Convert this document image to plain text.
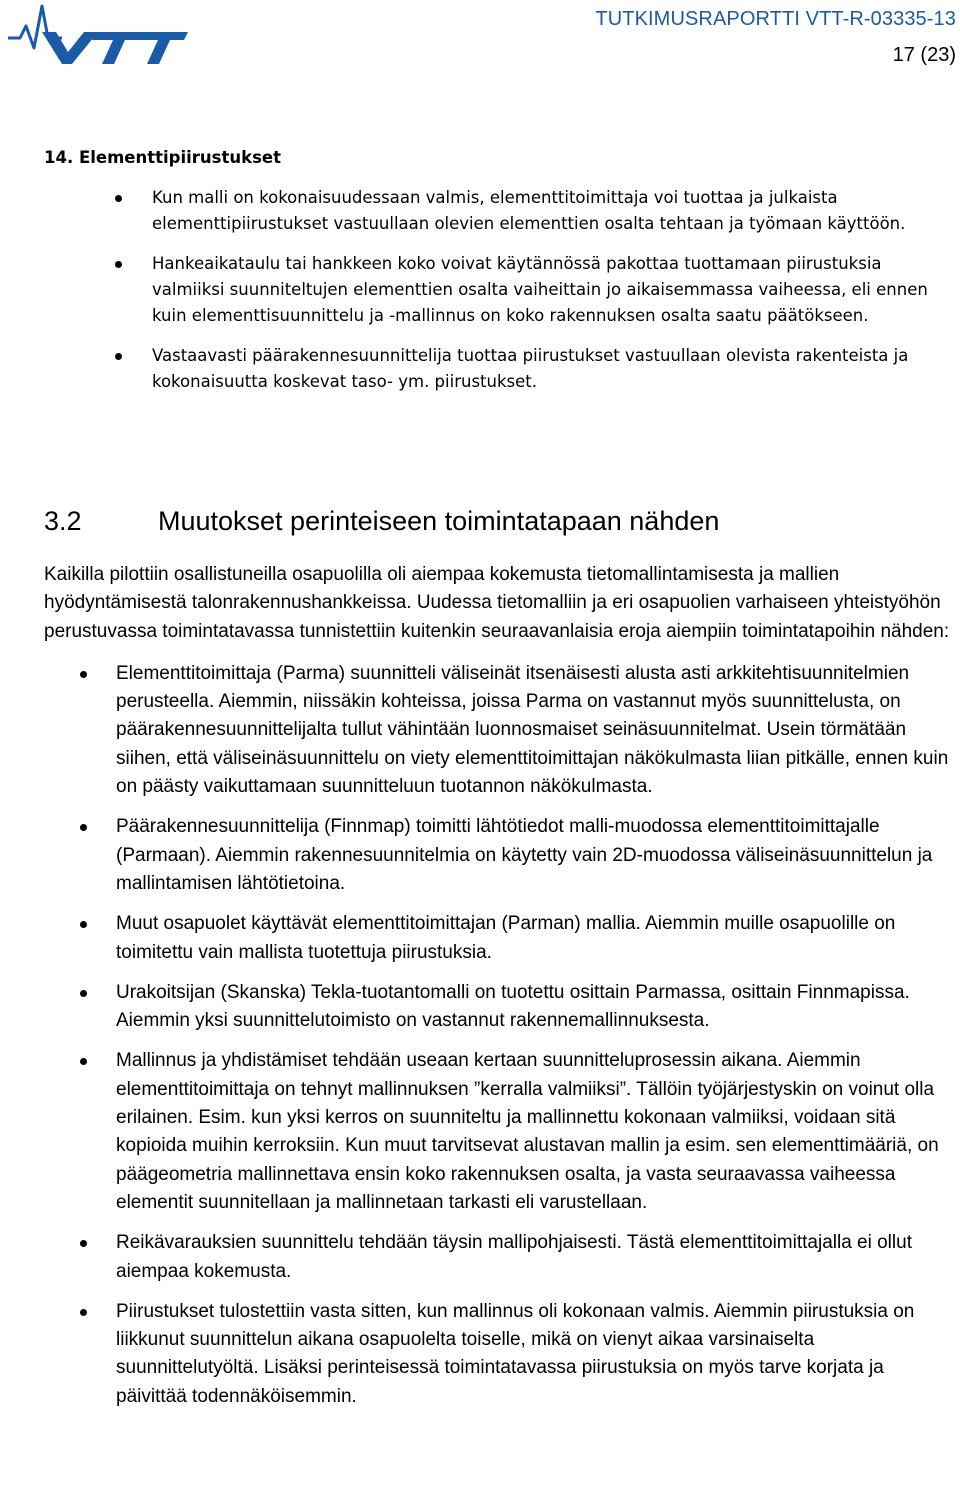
VTT
TUTKIMUSRAPORTTI VTT-R-03335-13
17 (23)
14. Elementtipiirustukset
Kun malli on kokonaisuudessaan valmis, elementtitoimittaja voi tuottaa ja julkaista elementtipiirustukset vastuullaan olevien elementtien osalta tehtaan ja työmaan käyttöön.
Hankeaikataulu tai hankkeen koko voivat käytännössä pakottaa tuottamaan piirustuksia valmiiksi suunniteltujen elementtien osalta vaiheittain jo aikaisemmassa vaiheessa, eli ennen kuin elementtisuunnittelu ja -mallinnus on koko rakennuksen osalta saatu päätökseen.
Vastaavasti päärakennesuunnittelija tuottaa piirustukset vastuullaan olevista rakenteista ja kokonaisuutta koskevat taso- ym. piirustukset.
3.2	Muutokset perinteiseen toimintatapaan nähden

Kaikilla pilottiin osallistuneilla osapuolilla oli aiempaa kokemusta tietomallintamisesta ja mallien hyödyntämisestä talonrakennushankkeissa. Uudessa tietomalliin ja eri osapuolien varhaiseen yhteistyöhön perustuvassa toimintatavassa tunnistettiin kuitenkin seuraavanlaisia eroja aiempiin toimintatapoihin nähden:

Elementtitoimittaja (Parma) suunnitteli väliseinät itsenäisesti alusta asti arkkitehtisuunnitelmien perusteella. Aiemmin, niissäkin kohteissa, joissa Parma on vastannut myös suunnittelusta, on päärakennesuunnittelijalta tullut vähintään luonnosmaiset seinäsuunnitelmat. Usein törmätään siihen, että väliseinäsuunnittelu on viety elementtitoimittajan näkökulmasta liian pitkälle, ennen kuin on päästy vaikuttamaan suunnitteluun tuotannon näkökulmasta.
Päärakennesuunnittelija (Finnmap) toimitti lähtötiedot malli-muodossa elementtitoimittajalle (Parmaan). Aiemmin rakennesuunnitelmia on käytetty vain 2D-muodossa väliseinäsuunnittelun ja mallintamisen lähtötietoina.
Muut osapuolet käyttävät elementtitoimittajan (Parman) mallia. Aiemmin muille osapuolille on toimitettu vain mallista tuotettuja piirustuksia.
Urakoitsijan (Skanska) Tekla-tuotantomalli on tuotettu osittain Parmassa, osittain Finnmapissa. Aiemmin yksi suunnittelutoimisto on vastannut rakennemallinnuksesta.
Mallinnus ja yhdistämiset tehdään useaan kertaan suunnitteluprosessin aikana. Aiemmin elementtitoimittaja on tehnyt mallinnuksen ”kerralla valmiiksi”. Tällöin työjärjestyskin on voinut olla erilainen. Esim. kun yksi kerros on suunniteltu ja mallinnettu kokonaan valmiiksi, voidaan sitä kopioida muihin kerroksiin. Kun muut tarvitsevat alustavan mallin ja esim. sen elementtimääriä, on päägeometria mallinnettava ensin koko rakennuksen osalta, ja vasta seuraavassa vaiheessa elementit suunnitellaan ja mallinnetaan tarkasti eli varustellaan.
Reikävarauksien suunnittelu tehdään täysin mallipohjaisesti. Tästä elementtitoimittajalla ei ollut aiempaa kokemusta.
Piirustukset tulostettiin vasta sitten, kun mallinnus oli kokonaan valmis. Aiemmin piirustuksia on liikkunut suunnittelun aikana osapuolelta toiselle, mikä on vienyt aikaa varsinaiselta suunnittelutyöltä. Lisäksi perinteisessä toimintatavassa piirustuksia on myös tarve korjata ja päivittää todennäköisemmin.
